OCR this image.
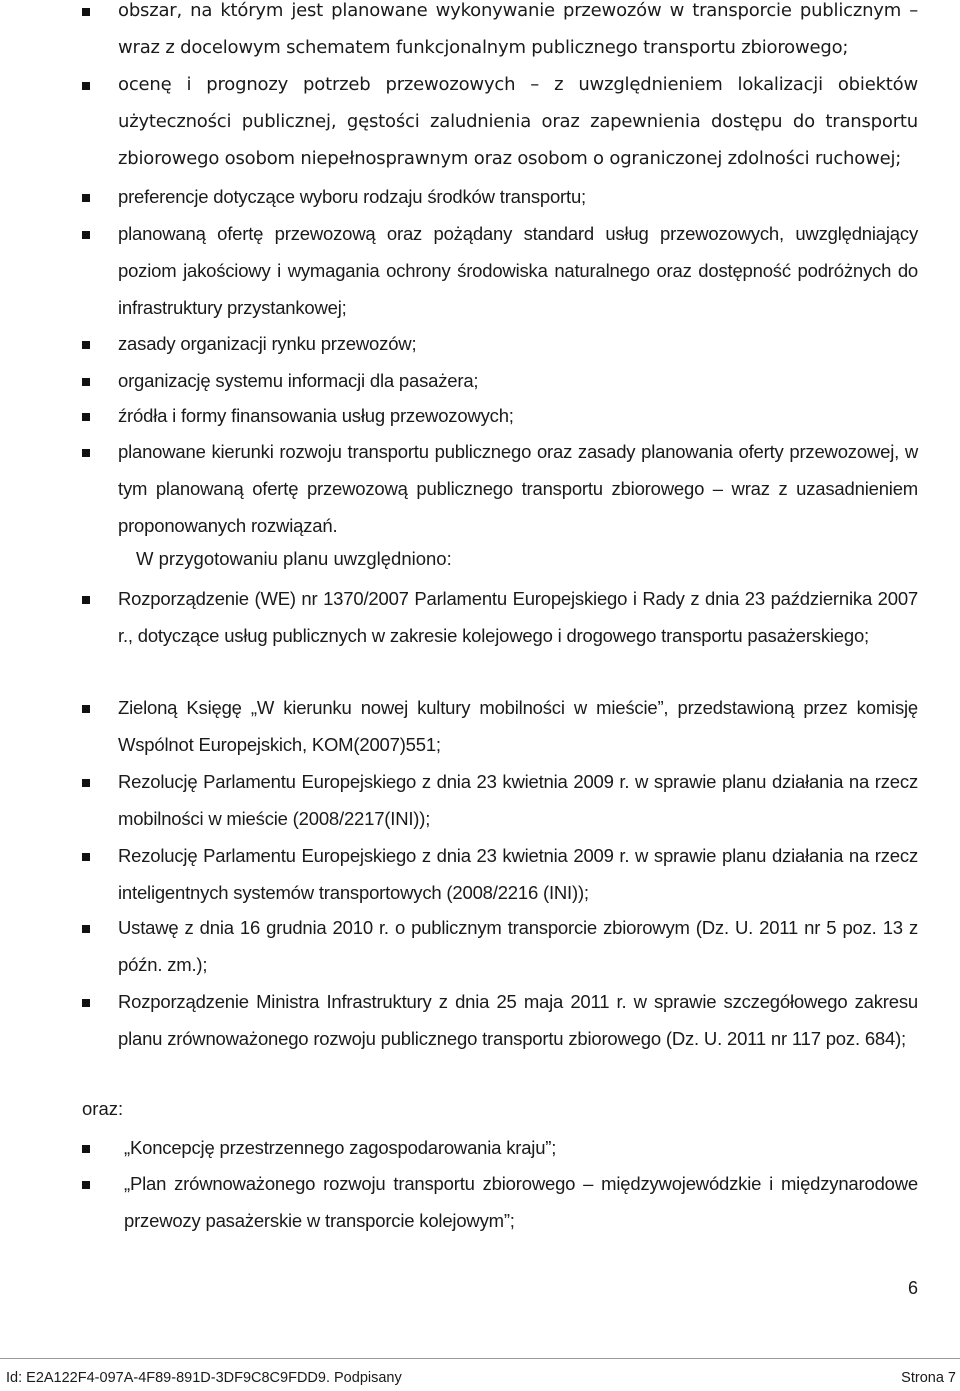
obszar, na którym jest planowane wykonywanie przewozów w transporcie publicznym – wraz z docelowym schematem funkcjonalnym publicznego transportu zbiorowego;
ocenę i prognozy potrzeb przewozowych – z uwzględnieniem lokalizacji obiektów użyteczności publicznej, gęstości zaludnienia oraz zapewnienia dostępu do transportu zbiorowego osobom niepełnosprawnym oraz osobom o ograniczonej zdolności ruchowej;
preferencje dotyczące wyboru rodzaju środków transportu;
planowaną ofertę przewozową oraz pożądany standard usług przewozowych, uwzględniający poziom jakościowy i wymagania ochrony środowiska naturalnego oraz dostępność podróżnych do infrastruktury przystankowej;
zasady organizacji rynku przewozów;
organizację systemu informacji dla pasażera;
źródła i formy finansowania usług przewozowych;
planowane kierunki rozwoju transportu publicznego oraz zasady planowania oferty przewozowej, w tym planowaną ofertę przewozową publicznego transportu zbiorowego – wraz z uzasadnieniem proponowanych rozwiązań.
W przygotowaniu planu uwzględniono:
Rozporządzenie (WE) nr 1370/2007 Parlamentu Europejskiego i Rady z dnia 23 października 2007 r., dotyczące usług publicznych w zakresie kolejowego i drogowego transportu pasażerskiego;
Zieloną Księgę „W kierunku nowej kultury mobilności w mieście”, przedstawioną przez komisję Wspólnot Europejskich, KOM(2007)551;
Rezolucję Parlamentu Europejskiego z dnia 23 kwietnia 2009 r. w sprawie planu działania na rzecz mobilności w mieście (2008/2217(INI));
Rezolucję Parlamentu Europejskiego z dnia 23 kwietnia 2009 r. w sprawie planu działania na rzecz inteligentnych systemów transportowych (2008/2216 (INI));
Ustawę z dnia 16 grudnia 2010 r. o publicznym transporcie zbiorowym (Dz. U. 2011 nr 5 poz. 13 z późn. zm.);
Rozporządzenie Ministra Infrastruktury z dnia 25 maja 2011 r. w sprawie szczegółowego zakresu planu zrównoważonego rozwoju publicznego transportu zbiorowego (Dz. U. 2011 nr 117 poz. 684);
oraz:
„Koncepcję przestrzennego zagospodarowania kraju”;
„Plan zrównoważonego rozwoju transportu zbiorowego – międzywojewódzkie i międzynarodowe przewozy pasażerskie w transporcie kolejowym”;
6
Id: E2A122F4-097A-4F89-891D-3DF9C8C9FDD9. Podpisany	Strona 7
